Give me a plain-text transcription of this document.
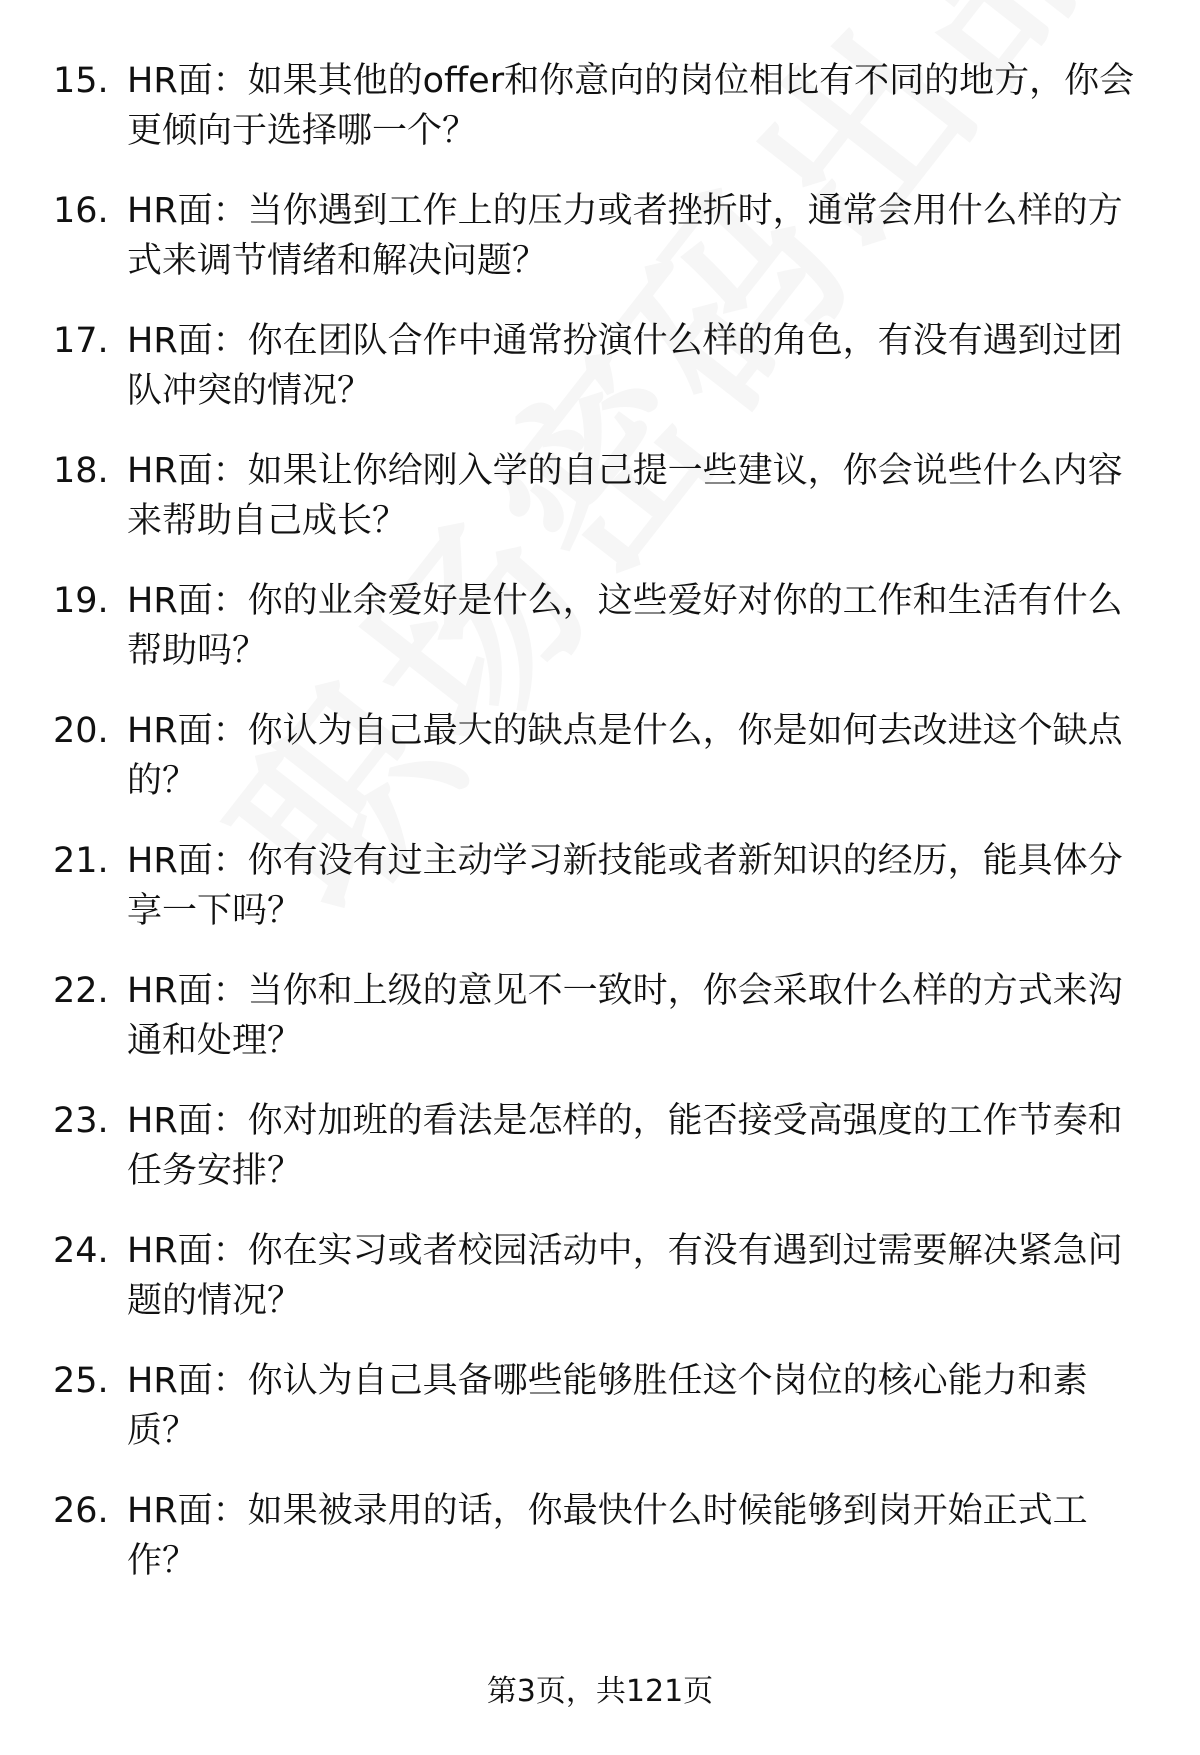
15. HR面：如果其他的offer和你意向的岗位相比有不同的地方，你会更倾向于选择哪一个？
16. HR面：当你遇到工作上的压力或者挫折时，通常会用什么样的方式来调节情绪和解决问题？
17. HR面：你在团队合作中通常扮演什么样的角色，有没有遇到过团队冲突的情况？
18. HR面：如果让你给刚入学的自己提一些建议，你会说些什么内容来帮助自己成长？
19. HR面：你的业余爱好是什么，这些爱好对你的工作和生活有什么帮助吗？
20. HR面：你认为自己最大的缺点是什么，你是如何去改进这个缺点的？
21. HR面：你有没有过主动学习新技能或者新知识的经历，能具体分享一下吗？
22. HR面：当你和上级的意见不一致时，你会采取什么样的方式来沟通和处理？
23. HR面：你对加班的看法是怎样的，能否接受高强度的工作节奏和任务安排？
24. HR面：你在实习或者校园活动中，有没有遇到过需要解决紧急问题的情况？
25. HR面：你认为自己具备哪些能够胜任这个岗位的核心能力和素质？
26. HR面：如果被录用的话，你最快什么时候能够到岗开始正式工作？
第3页，共121页
